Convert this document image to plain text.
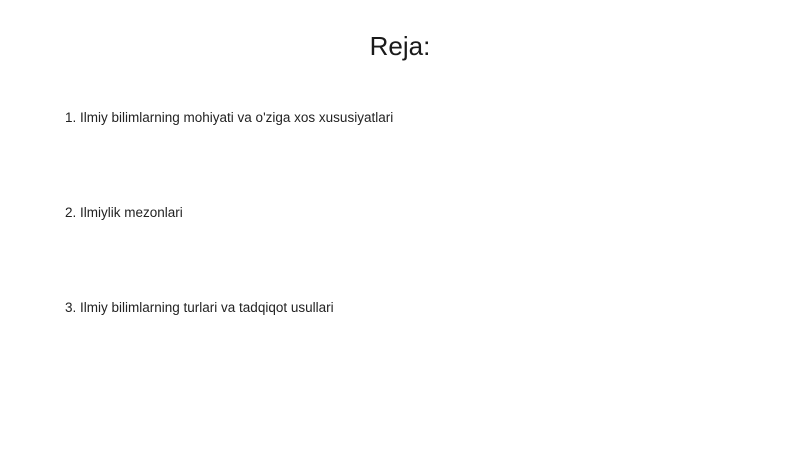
Reja:
1. Ilmiy bilimlarning mohiyati va o'ziga xos xususiyatlari
2. Ilmiylik mezonlari
3. Ilmiy bilimlarning turlari va tadqiqot usullari
